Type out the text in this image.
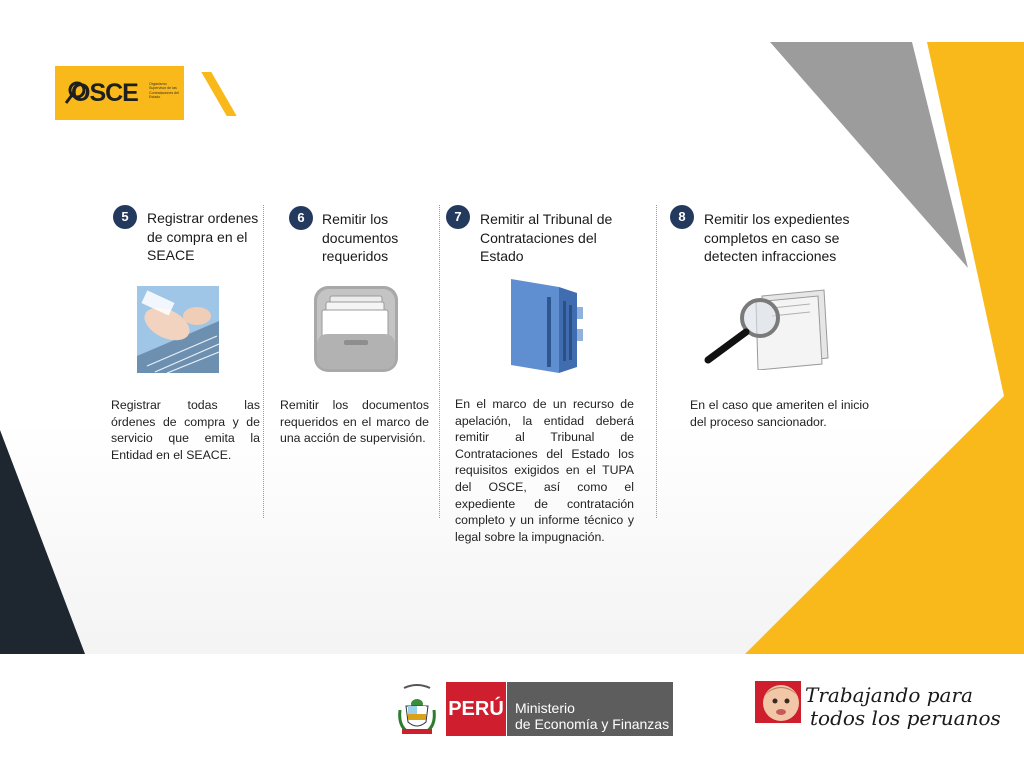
OSCE	Organismo Supervisor de las Contrataciones del Estado
5	Registrar ordenes
de compra en el
SEACE
Registrar todas las órdenes de compra y de servicio que emita la Entidad en el SEACE.
6	Remitir los
documentos
requeridos
Remitir los documentos requeridos en el marco de una acción de supervisión.
7	Remitir al Tribunal de
Contrataciones del
Estado
En el marco de un recurso de apelación, la entidad deberá remitir al Tribunal de Contrataciones del Estado los requisitos exigidos en el TUPA del OSCE, así como el expediente de contratación completo y un informe técnico y legal sobre la impugnación.
8	Remitir los expedientes
completos en caso se
detecten infracciones
En el caso que ameriten el inicio del proceso sancionador.
PERÚ Ministerio
de Economía y Finanzas
Trabajando para
todos los peruanos
